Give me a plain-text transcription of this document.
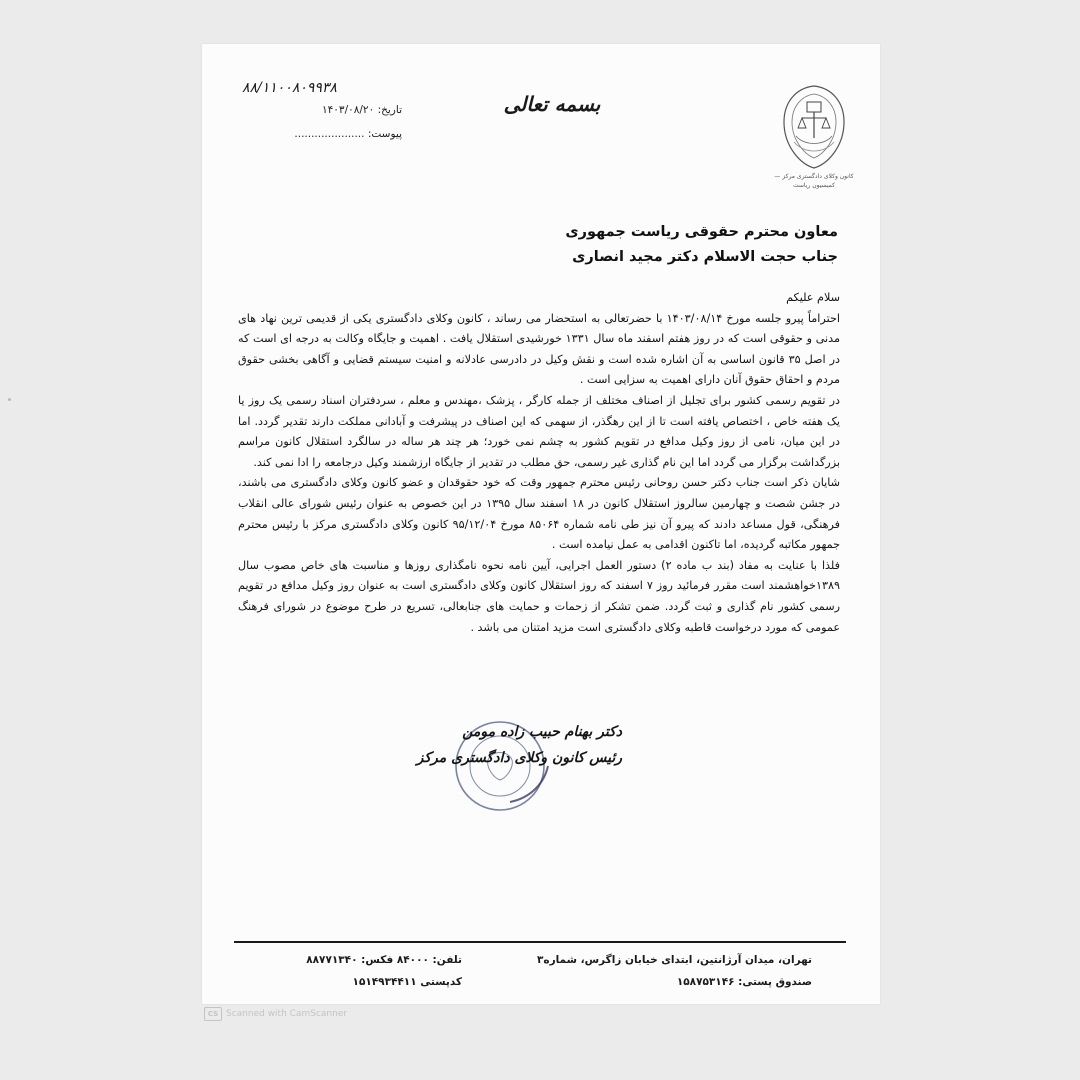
کانون وکلای دادگستری مرکز — کمیسیون ریاست
بسمه تعالی
۸۸/۱۱۰۰۸۰۹۹۳۸
تاریخ: ۱۴۰۳/۰۸/۲۰
پیوست: .....................
معاون محترم حقوقی ریاست جمهوری
جناب حجت الاسلام دکتر مجید انصاری

سلام علیکم

احتراماً پیرو جلسه مورخ ۱۴۰۳/۰۸/۱۴ با حضرتعالی به استحضار می رساند ، کانون وکلای دادگستری یکی از قدیمی ترین نهاد های مدنی و حقوقی است که در روز هفتم اسفند ماه سال ۱۳۳۱ خورشیدی استقلال یافت . اهمیت و جایگاه وکالت به درجه ای است که در اصل ۳۵ قانون اساسی به آن اشاره شده است و نقش وکیل در دادرسی عادلانه و امنیت سیستم قضایی و آگاهی بخشی حقوق مردم و احقاق حقوق آنان دارای اهمیت به سزایی است .

در تقویم رسمی کشور برای تجلیل از اصناف مختلف از جمله کارگر ، پزشک ،مهندس و معلم ، سردفتران اسناد رسمی یک روز یا یک هفته خاص ، اختصاص یافته است تا از این رهگذر، از سهمی که این اصناف در پیشرفت و آبادانی مملکت دارند تقدیر گردد. اما در این میان، نامی از روز وکیل مدافع در تقویم کشور به چشم نمی خورد؛ هر چند هر ساله در سالگرد استقلال کانون مراسم بزرگداشت برگزار می گردد اما این نام گذاری غیر رسمی، حق مطلب در تقدیر از جایگاه ارزشمند وکیل درجامعه را ادا نمی کند.

شایان ذکر است جناب دکتر حسن روحانی رئیس محترم جمهور وقت که خود حقوقدان و عضو کانون وکلای دادگستری می باشند، در جشن شصت و چهارمین سالروز استقلال کانون در ۱۸ اسفند سال ۱۳۹۵ در این خصوص به عنوان رئیس شورای عالی انقلاب فرهنگی، قول مساعد دادند که پیرو آن نیز طی نامه شماره ۸۵۰۶۴ مورخ ۹۵/۱۲/۰۴ کانون وکلای دادگستری مرکز با رئیس محترم جمهور مکاتبه گردیده، اما تاکنون اقدامی به عمل نیامده است .

فلذا با عنایت به مفاد (بند ب ماده ۲) دستور العمل اجرایی، آیین نامه نحوه نامگذاری روزها و مناسبت های خاص مصوب سال ۱۳۸۹خواهشمند است مقرر فرمائید روز ۷ اسفند که روز استقلال کانون وکلای دادگستری است به عنوان روز وکیل مدافع در تقویم رسمی کشور نام گذاری و ثبت گردد. ضمن تشکر از زحمات و حمایت های جنابعالی، تسریع در طرح موضوع در شورای فرهنگ عمومی که مورد درخواست قاطبه وکلای دادگستری است مزید امتنان می باشد .

دکتر بهنام حبیب زاده مومن
رئیس کانون وکلای دادگستری مرکز
تهران، میدان آرژانتین، ابتدای خیابان زاگرس، شماره۳
صندوق پستی: ۱۵۸۷۵۳۱۴۶
تلفن: ۸۴۰۰۰ فکس: ۸۸۷۷۱۳۴۰
کدپستی ۱۵۱۴۹۳۴۴۱۱
CS Scanned with CamScanner
